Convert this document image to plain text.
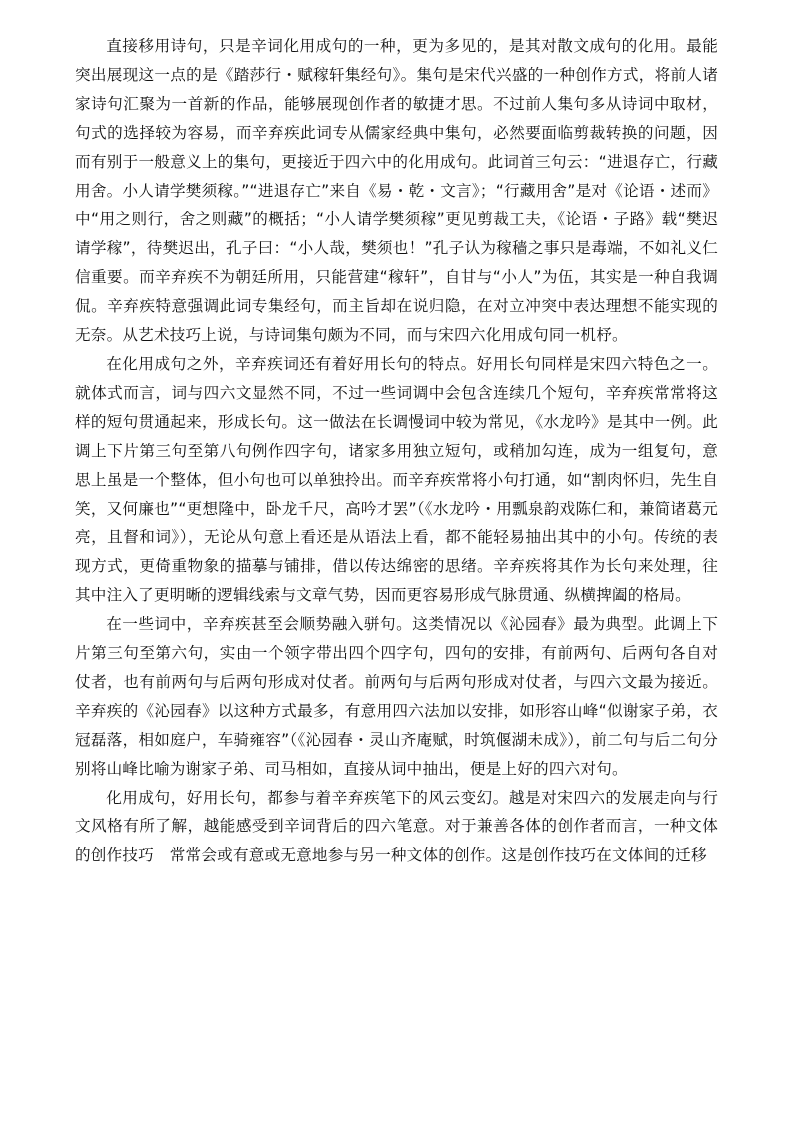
直接移用诗句，只是辛词化用成句的一种，更为多见的，是其对散文成句的化用。最能突出展现这一点的是《踏莎行・赋稼轩集经句》。集句是宋代兴盛的一种创作方式，将前人诸家诗句汇聚为一首新的作品，能够展现创作者的敏捷才思。不过前人集句多从诗词中取材，句式的选择较为容易，而辛弃疾此词专从儒家经典中集句，必然要面临剪裁转换的问题，因而有别于一般意义上的集句，更接近于四六中的化用成句。此词首三句云：“进退存亡，行藏用舍。小人请学樊须稼。”“进退存亡”来自《易・乾・文言》；“行藏用舍”是对《论语・述而》中“用之则行，舍之则藏”的概括；“小人请学樊须稼”更见剪裁工夫，《论语・子路》载“樊迟请学稼”，待樊迟出，孔子曰：“小人哉，樊须也！”孔子认为稼穑之事只是毒端，不如礼义仁信重要。而辛弃疾不为朝廷所用，只能营建“稼轩”，自甘与“小人”为伍，其实是一种自我调侃。辛弃疾特意强调此词专集经句，而主旨却在说归隐，在对立冲突中表达理想不能实现的无奈。从艺术技巧上说，与诗词集句颇为不同，而与宋四六化用成句同一机杼。

在化用成句之外，辛弃疾词还有着好用长句的特点。好用长句同样是宋四六特色之一。就体式而言，词与四六文显然不同，不过一些词调中会包含连续几个短句，辛弃疾常常将这样的短句贯通起来，形成长句。这一做法在长调慢词中较为常见，《水龙吟》是其中一例。此调上下片第三句至第八句例作四字句，诸家多用独立短句，或稍加勾连，成为一组复句，意思上虽是一个整体，但小句也可以单独拎出。而辛弃疾常将小句打通，如“割肉怀归，先生自笑，又何廉也”“更想隆中，卧龙千尺，高吟才罢”（《水龙吟・用瓢泉韵戏陈仁和，兼简诸葛元亮，且督和词》），无论从句意上看还是从语法上看，都不能轻易抽出其中的小句。传统的表现方式，更倚重物象的描摹与铺排，借以传达绵密的思绪。辛弃疾将其作为长句来处理，往其中注入了更明晰的逻辑线索与文章气势，因而更容易形成气脉贯通、纵横捭阖的格局。

在一些词中，辛弃疾甚至会顺势融入骈句。这类情况以《沁园春》最为典型。此调上下片第三句至第六句，实由一个领字带出四个四字句，四句的安排，有前两句、后两句各自对仗者，也有前两句与后两句形成对仗者。前两句与后两句形成对仗者，与四六文最为接近。辛弃疾的《沁园春》以这种方式最多，有意用四六法加以安排，如形容山峰“似谢家子弟，衣冠磊落，相如庭户，车骑雍容”（《沁园春・灵山齐庵赋，时筑偃湖未成》），前二句与后二句分别将山峰比喻为谢家子弟、司马相如，直接从词中抽出，便是上好的四六对句。

化用成句，好用长句，都参与着辛弃疾笔下的风云变幻。越是对宋四六的发展走向与行文风格有所了解，越能感受到辛词背后的四六笔意。对于兼善各体的创作者而言，一种文体的创作技巧　常常会或有意或无意地参与另一种文体的创作。这是创作技巧在文体间的迁移
